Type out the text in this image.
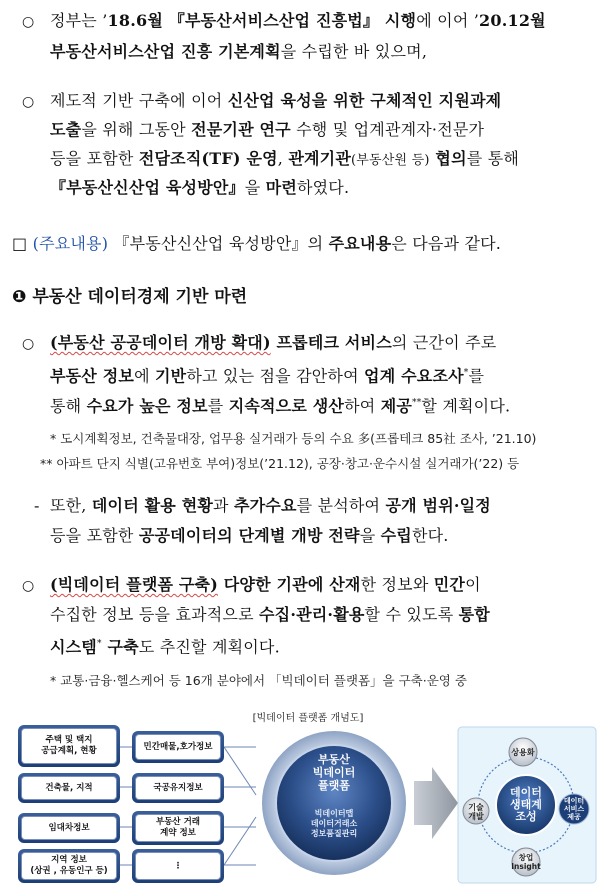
○ 정부는 ’18.6월 『부동산서비스산업 진흥법』 시행에 이어 ’20.12월
부동산서비스산업 진흥 기본계획을 수립한 바 있으며,
○ 제도적 기반 구축에 이어 신산업 육성을 위한 구체적인 지원과제
도출을 위해 그동안 전문기관 연구 수행 및 업계관계자·전문가
등을 포함한 전담조직(TF) 운영, 관계기관(부동산원 등) 협의를 통해
『부동산신산업 육성방안』을 마련하였다.
□ (주요내용) 『부동산신산업 육성방안』의 주요내용은 다음과 같다.
❶ 부동산 데이터경제 기반 마련
○ (부동산 공공데이터 개방 확대) 프롭테크 서비스의 근간이 주로
부동산 정보에 기반하고 있는 점을 감안하여 업계 수요조사*를
통해 수요가 높은 정보를 지속적으로 생산하여 제공**할 계획이다.
* 도시계획정보, 건축물대장, 업무용 실거래가 등의 수요 多(프롭테크 85社 조사, ’21.10)
** 아파트 단지 식별(고유번호 부여)정보(’21.12), 공장·창고·운수시설 실거래가(’22) 등
- 또한, 데이터 활용 현황과 추가수요를 분석하여 공개 범위·일정
등을 포함한 공공데이터의 단계별 개방 전략을 수립한다.
○ (빅데이터 플랫폼 구축) 다양한 기관에 산재한 정보와 민간이
수집한 정보 등을 효과적으로 수집·관리·활용할 수 있도록 통합
시스템* 구축도 추진할 계획이다.
* 교통·금융·헬스케어 등 16개 분야에서 「빅데이터 플랫폼」을 구축·운영 중
[빅데이터 플랫폼 개념도]
주택 및 택지
공급계획, 현황
건축물, 지적
임대차정보
지역 정보
(상권 , 유동인구 등)
민간매물,호가정보
국공유지정보
부동산 거래
계약 정보
⋮
부동산
빅데이터
플랫폼
빅데이터맵
데이터거래소
정보품질관리
데이터
생태계
조성
상용화
기술
개발
데이터
서비스
제공
창업
Insight
